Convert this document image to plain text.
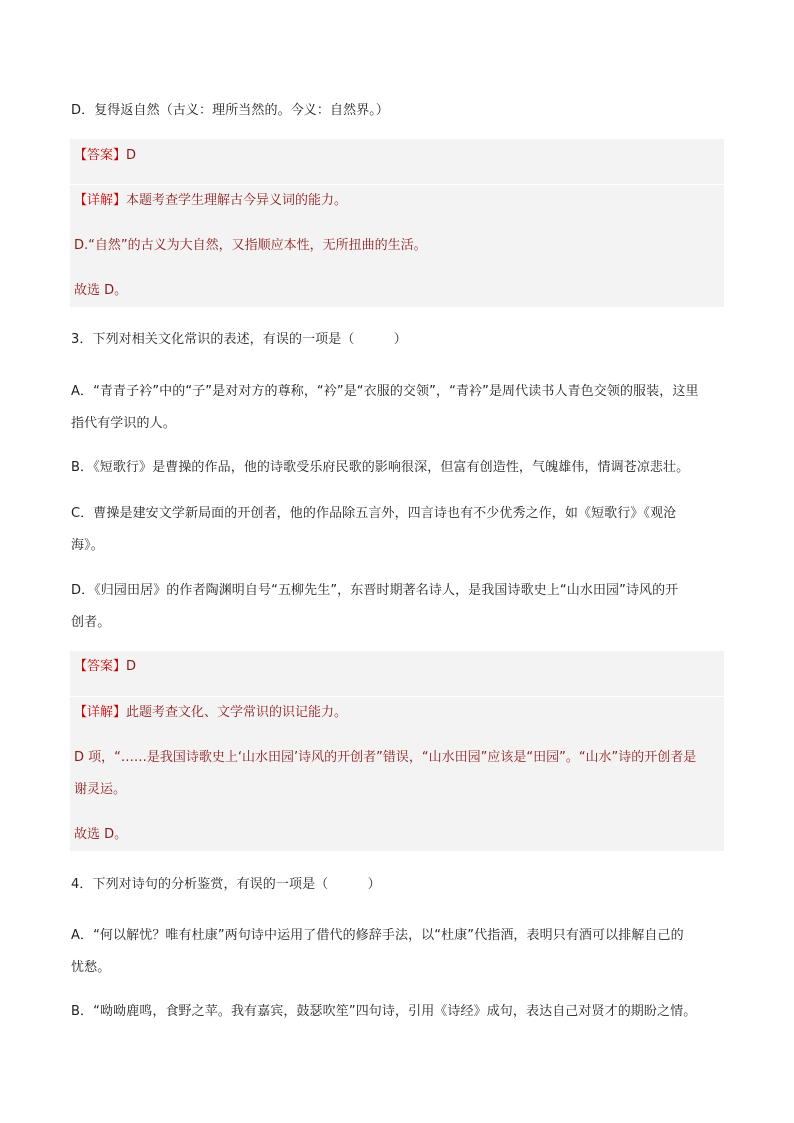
D．复得返自然（古义：理所当然的。今义：自然界。）
【答案】D
【详解】本题考查学生理解古今异义词的能力。
D.“自然”的古义为大自然，又指顺应本性，无所扭曲的生活。
故选 D。
3．下列对相关文化常识的表述，有误的一项是（　　　）
A．“青青子衿”中的“子”是对对方的尊称，“衿”是“衣服的交领”，“青衿”是周代读书人青色交领的服装，这里
指代有学识的人。
B．《短歌行》是曹操的作品，他的诗歌受乐府民歌的影响很深，但富有创造性，气魄雄伟，情调苍凉悲壮。
C．曹操是建安文学新局面的开创者，他的作品除五言外，四言诗也有不少优秀之作，如《短歌行》《观沧
海》。
D．《归园田居》的作者陶渊明自号“五柳先生”，东晋时期著名诗人，是我国诗歌史上“山水田园”诗风的开
创者。
【答案】D
【详解】此题考查文化、文学常识的识记能力。
D 项，“……是我国诗歌史上‘山水田园’诗风的开创者”错误，“山水田园”应该是“田园”。“山水”诗的开创者是
谢灵运。
故选 D。
4．下列对诗句的分析鉴赏，有误的一项是（　　　）
A．“何以解忧？唯有杜康”两句诗中运用了借代的修辞手法，以“杜康”代指酒，表明只有酒可以排解自己的
忧愁。
B．“呦呦鹿鸣，食野之苹。我有嘉宾，鼓瑟吹笙”四句诗，引用《诗经》成句，表达自己对贤才的期盼之情。
